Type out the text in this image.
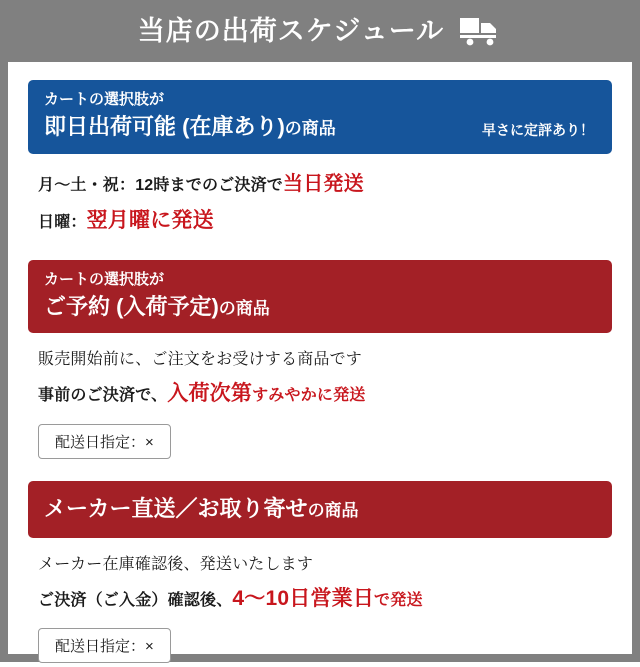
当店の出荷スケジュール
カートの選択肢が
即日出荷可能 (在庫あり)の商品	早さに定評あり！
月〜土・祝：12時までのご決済で当日発送
日曜：翌月曜に発送
カートの選択肢が
ご予約 (入荷予定)の商品
販売開始前に、ご注文をお受けする商品です
事前のご決済で、入荷次第すみやかに発送
配送日指定：×
メーカー直送／お取り寄せの商品
メーカー在庫確認後、発送いたします
ご決済（ご入金）確認後、4〜10日営業日で発送
配送日指定：×
